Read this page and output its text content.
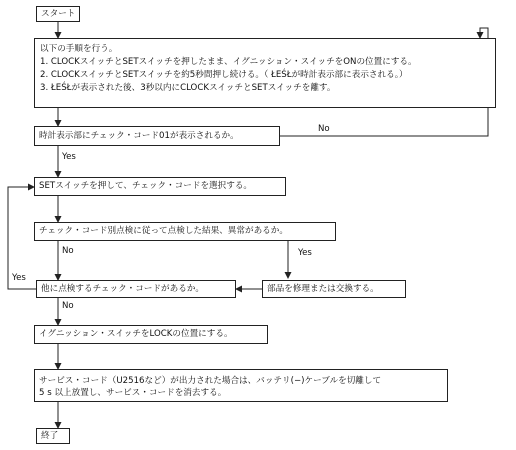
スタート
以下の手順を行う。
1. CLOCKスイッチとSETスイッチを押したまま、イグニッション・スイッチをONの位置にする。
2. CLOCKスイッチとSETスイッチを約5秒間押し続ける。（ ŁEŚŁが時計表示部に表示される。）
3. ŁEŚŁが表示された後、3秒以内にCLOCKスイッチとSETスイッチを離す。
時計表示部にチェック・コード01が表示されるか。
No
Yes
SETスイッチを押して、チェック・コードを選択する。
チェック・コード別点検に従って点検した結果、異常があるか。
No	Yes
部品を修理または交換する。
他に点検するチェック・コードがあるか。
Yes
No
イグニッション・スイッチをLOCKの位置にする。
サービス・コード（U2516など）が出力された場合は、バッテリ(−)ケーブルを切離して
5 s 以上放置し、サービス・コードを消去する。
終了
